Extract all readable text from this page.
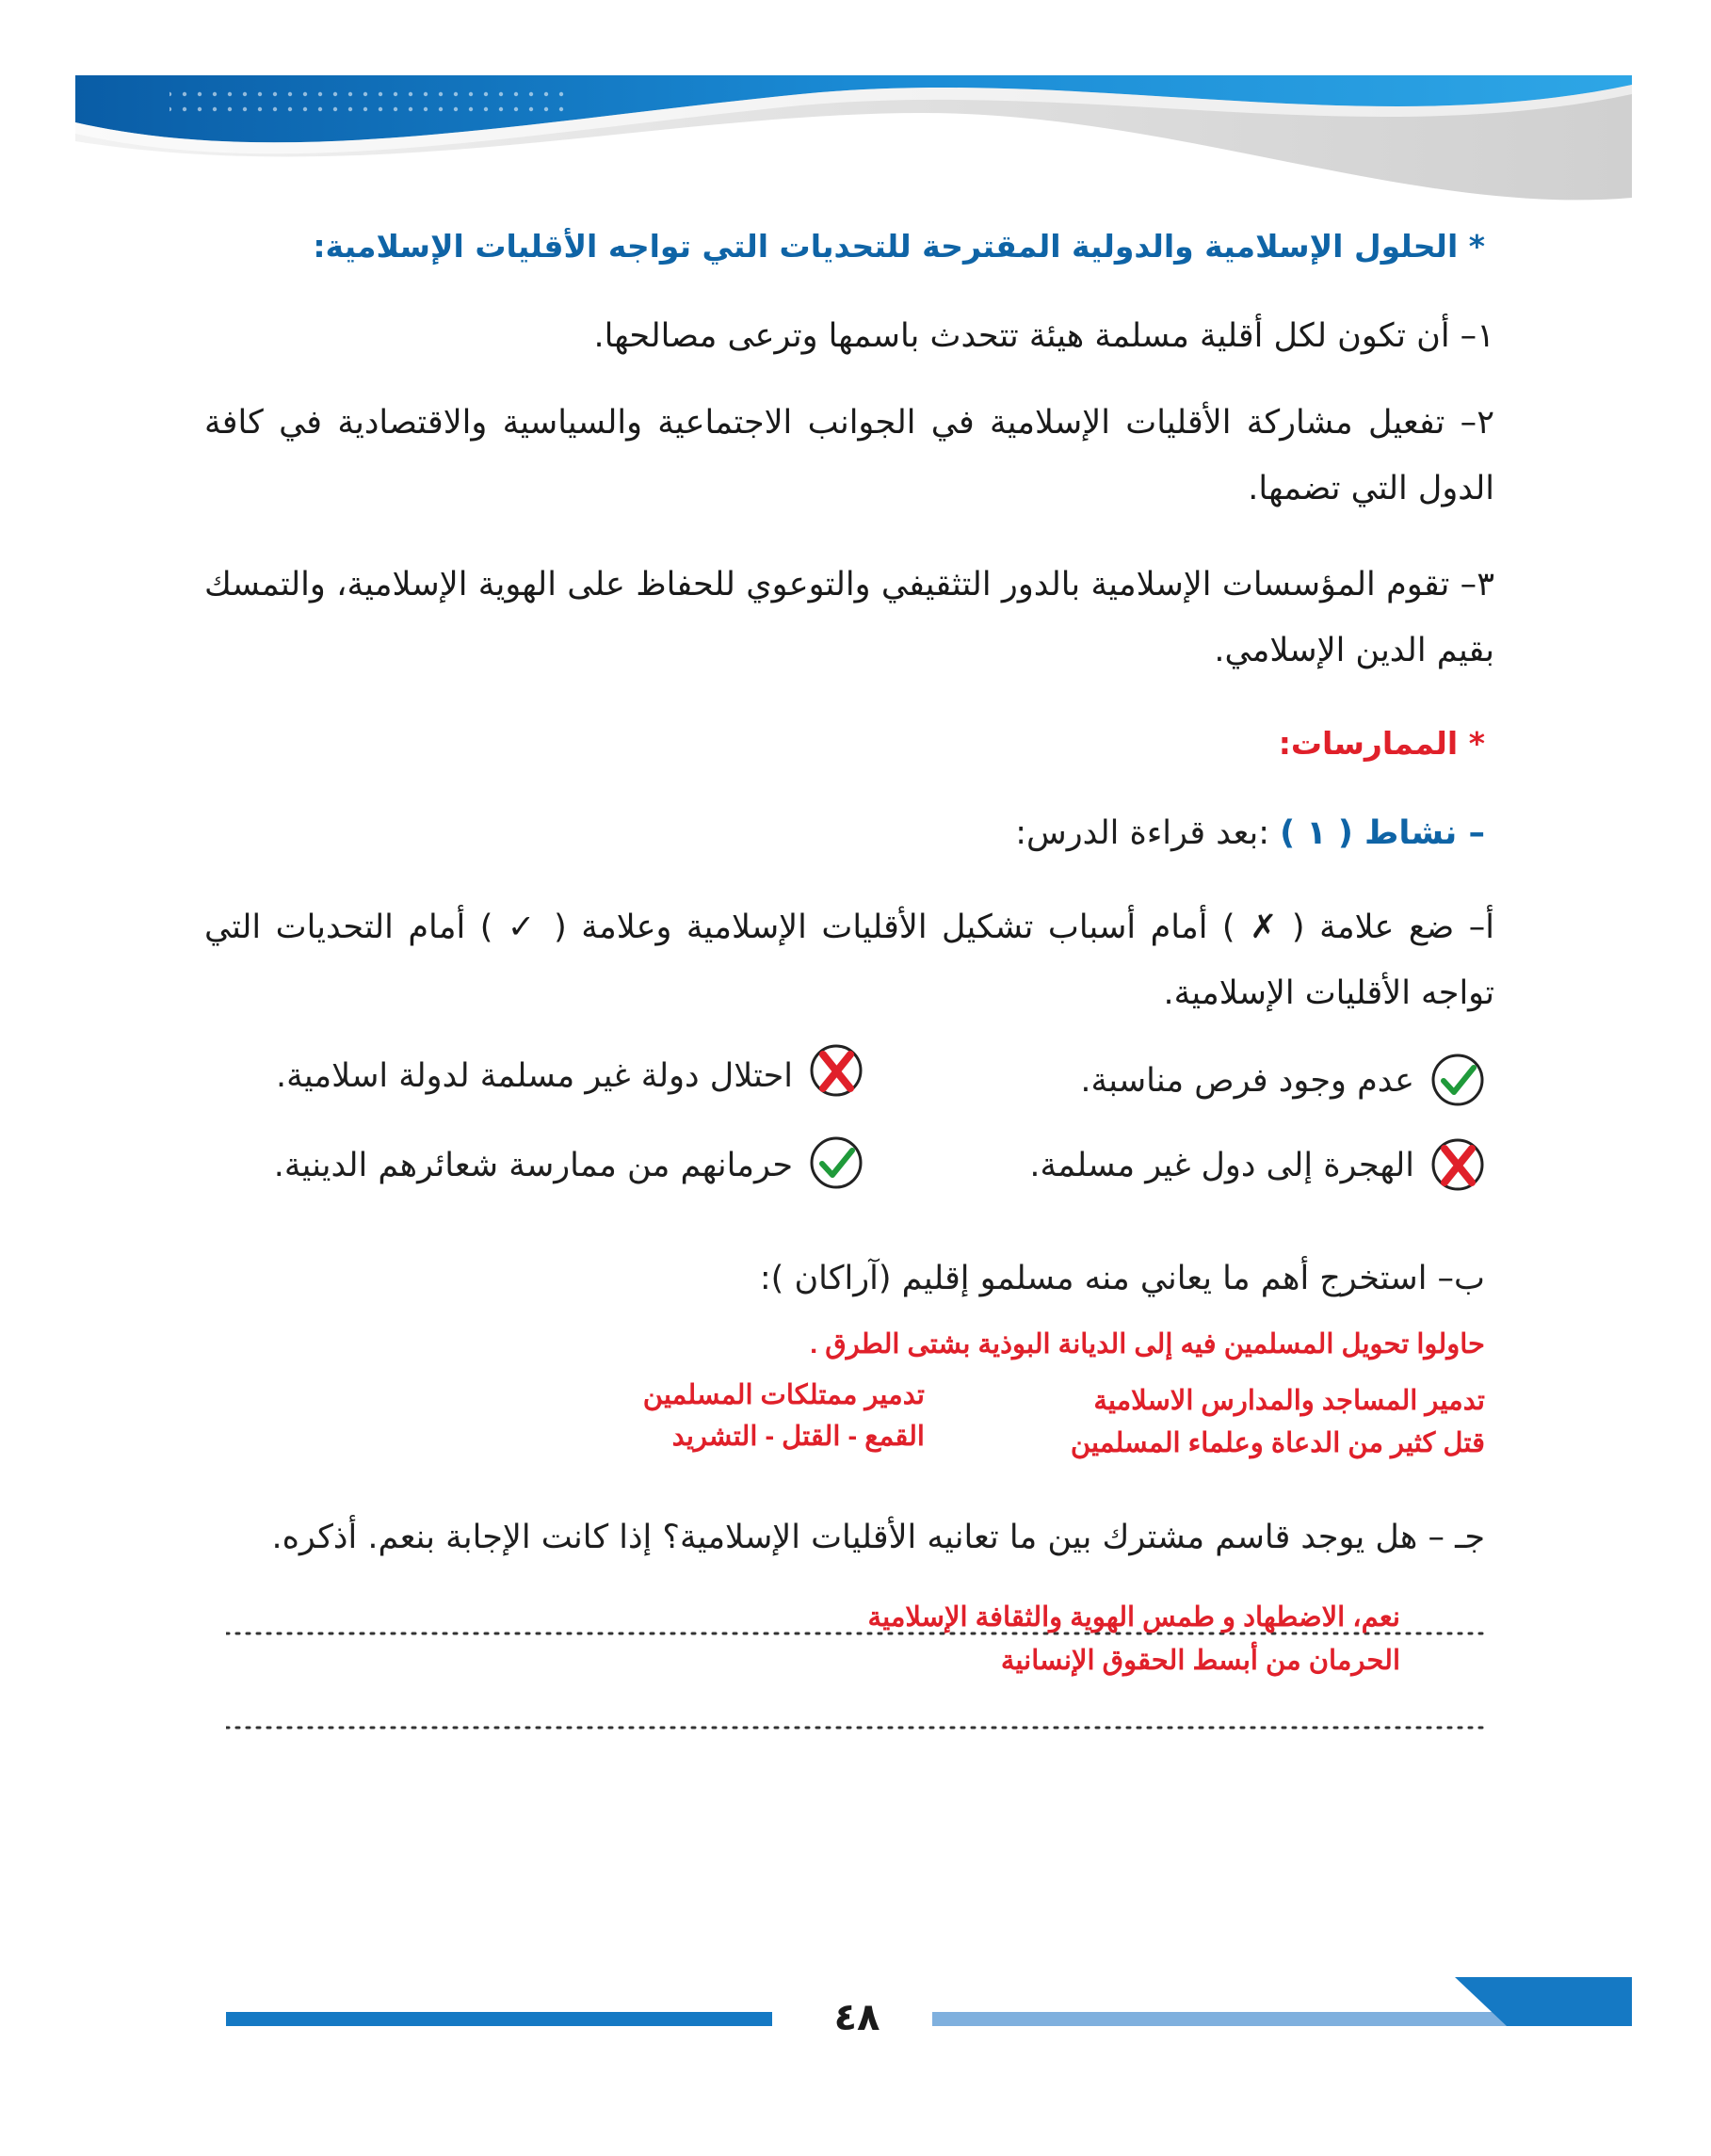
* الحلول الإسلامية والدولية المقترحة للتحديات التي تواجه الأقليات الإسلامية:
١– أن تكون لكل أقلية مسلمة هيئة تتحدث باسمها وترعى مصالحها.
٢– تفعيل مشاركة الأقليات الإسلامية في الجوانب الاجتماعية والسياسية والاقتصادية في كافة الدول التي تضمها.
٣– تقوم المؤسسات الإسلامية بالدور التثقيفي والتوعوي للحفاظ على الهوية الإسلامية، والتمسك بقيم الدين الإسلامي.
* الممارسات:
– نشاط ( ١ ) :بعد قراءة الدرس:
أ– ضع علامة ( ✗ ) أمام أسباب تشكيل الأقليات الإسلامية وعلامة ( ✓ ) أمام التحديات التي تواجه الأقليات الإسلامية.
عدم وجود فرص مناسبة.
الهجرة إلى دول غير مسلمة.
احتلال دولة غير مسلمة لدولة اسلامية.
حرمانهم من ممارسة شعائرهم الدينية.
ب– استخرج أهم ما يعاني منه مسلمو إقليم (آراكان ):
حاولوا تحويل المسلمين فيه إلى الديانة البوذية بشتى الطرق .
تدمير المساجد والمدارس الاسلامية
قتل كثير من الدعاة وعلماء المسلمين
تدمير ممتلكات المسلمين
القمع - القتل - التشريد
جـ – هل يوجد قاسم مشترك بين ما تعانيه الأقليات الإسلامية؟ إذا كانت الإجابة بنعم. أذكره.
نعم، الاضطهاد و طمس الهوية والثقافة الإسلامية
الحرمان من أبسط الحقوق الإنسانية
٤٨
